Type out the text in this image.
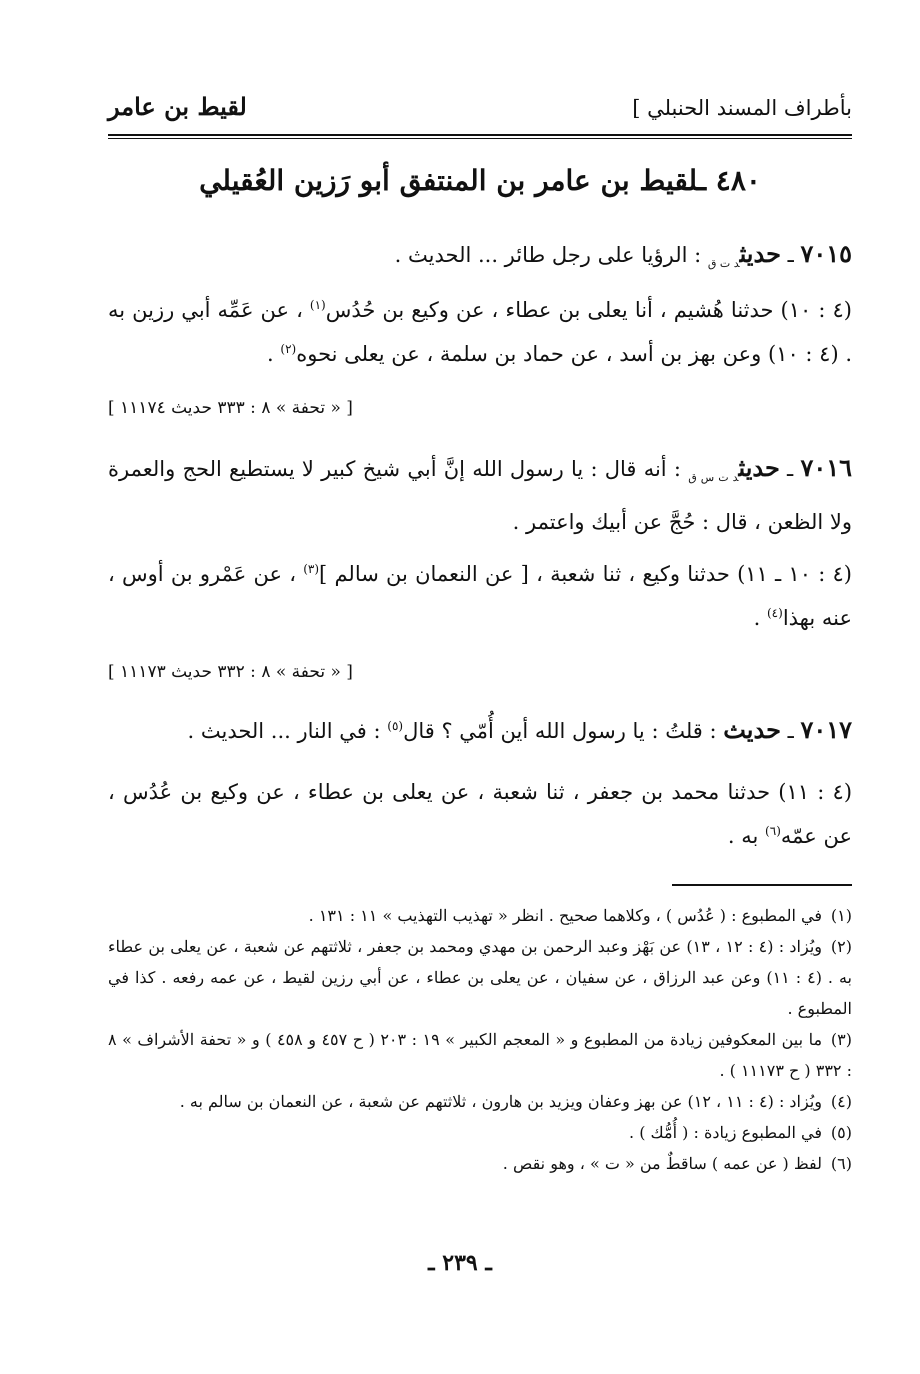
بأطراف المسند الحنبلي ]
لقيط بن عامر
٤٨٠ ـلقيط بن عامر بن المنتفق أبو رَزين العُقيلي
٧٠١٥ ـ حديث$_{د ت ق}$ : الرؤيا على رجل طائر ... الحديث .
(٤ : ١٠) حدثنا هُشيم ، أنا يعلى بن عطاء ، عن وكيع بن حُدُس$^{(١)}$ ، عن عَمِّه أبي رزين به . (٤ : ١٠) وعن بهز بن أسد ، عن حماد بن سلمة ، عن يعلى نحوه$^{(٢)}$ .
[ « تحفة » ٨ : ٣٣٣ حديث ١١١٧٤ ]
٧٠١٦ ـ حديث$_{د ت س ق}$ : أنه قال : يا رسول الله إنَّ أبي شيخ كبير لا يستطيع الحج والعمرة ولا الظعن ، قال : حُجَّ عن أبيك واعتمر .
(٤ : ١٠ ـ ١١) حدثنا وكيع ، ثنا شعبة ، [ عن النعمان بن سالم ]$^{(٣)}$ ، عن عَمْرو بن أوس ، عنه بهذا$^{(٤)}$ .
[ « تحفة » ٨ : ٣٣٢ حديث ١١١٧٣ ]
٧٠١٧ ـ حديث : قلتُ : يا رسول الله أين أُمّي ؟ قال$^{(٥)}$ : في النار ... الحديث .
(٤ : ١١) حدثنا محمد بن جعفر ، ثنا شعبة ، عن يعلى بن عطاء ، عن وكيع بن عُدُس ، عن عمّه$^{(٦)}$ به .

(١)في المطبوع : ( عُدُس ) ، وكلاهما صحيح . انظر « تهذيب التهذيب » ١١ : ١٣١ .

(٢)ويُزاد : (٤ : ١٢ ، ١٣) عن بَهْز وعبد الرحمن بن مهدي ومحمد بن جعفر ، ثلاثتهم عن شعبة ، عن يعلى بن عطاء به . (٤ : ١١) وعن عبد الرزاق ، عن سفيان ، عن يعلى بن عطاء ، عن أبي رزين لقيط ، عن عمه رفعه . كذا في المطبوع .

(٣)ما بين المعكوفين زيادة من المطبوع و « المعجم الكبير » ١٩ : ٢٠٣ ( ح ٤٥٧ و ٤٥٨ ) و « تحفة الأشراف » ٨ : ٣٣٢ ( ح ١١١٧٣ ) .

(٤)ويُزاد : (٤ : ١١ ، ١٢) عن بهز وعفان ويزيد بن هارون ، ثلاثتهم عن شعبة ، عن النعمان بن سالم به .

(٥)في المطبوع زيادة : ( أُمُّك ) .

(٦)لفظ ( عن عمه ) ساقطٌ من « ت » ، وهو نقص .

ـ ٢٣٩ ـ
